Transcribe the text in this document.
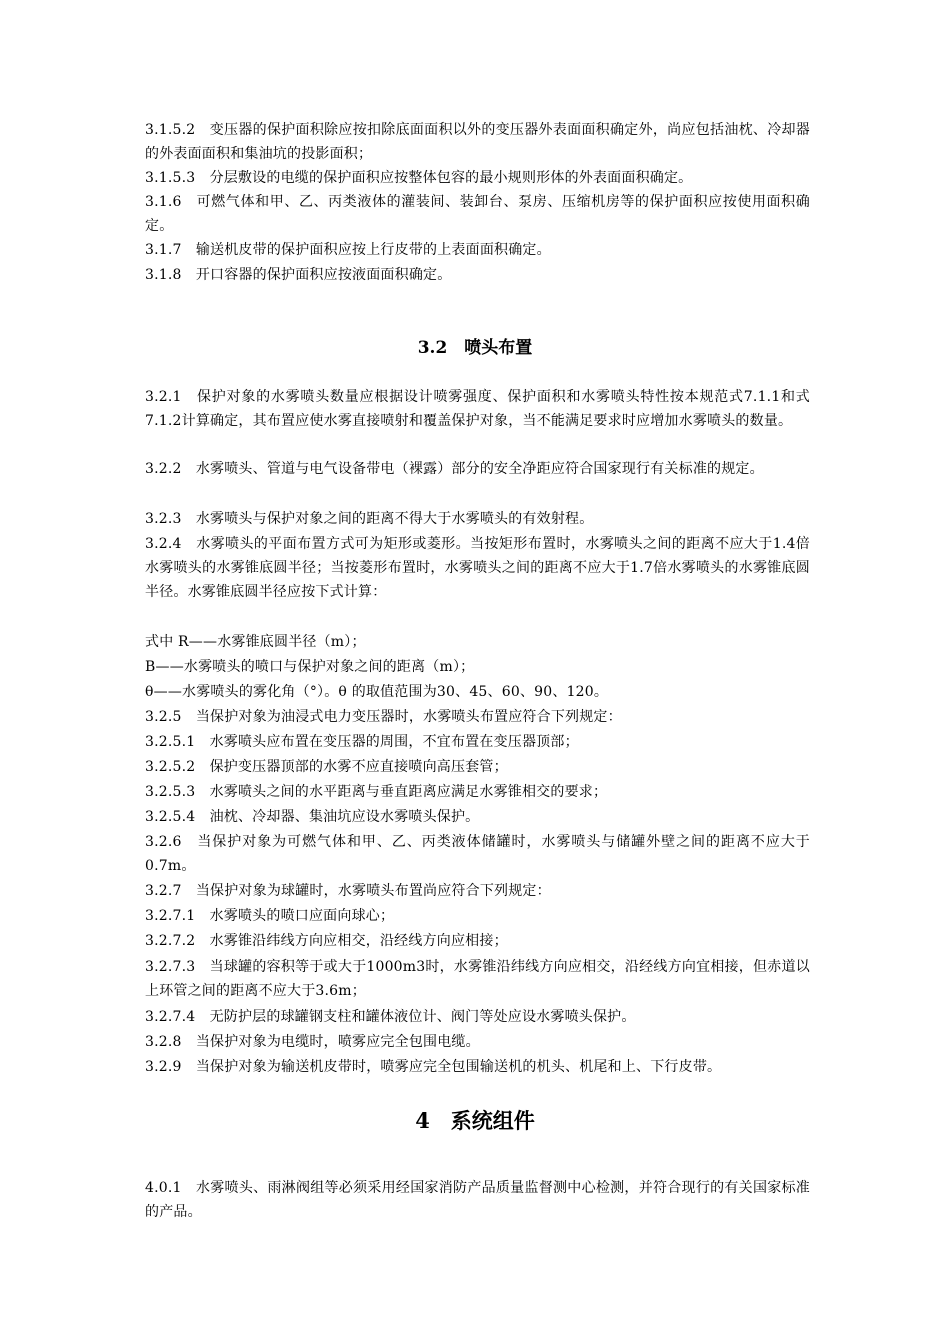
3.1.5.2　变压器的保护面积除应按扣除底面面积以外的变压器外表面面积确定外，尚应包括油枕、冷却器的外表面面积和集油坑的投影面积；

3.1.5.3　分层敷设的电缆的保护面积应按整体包容的最小规则形体的外表面面积确定。

3.1.6　可燃气体和甲、乙、丙类液体的灌装间、装卸台、泵房、压缩机房等的保护面积应按使用面积确定。

3.1.7　输送机皮带的保护面积应按上行皮带的上表面面积确定。

3.1.8　开口容器的保护面积应按液面面积确定。

3.2　喷头布置

3.2.1　保护对象的水雾喷头数量应根据设计喷雾强度、保护面积和水雾喷头特性按本规范式7.1.1和式7.1.2计算确定，其布置应使水雾直接喷射和覆盖保护对象，当不能满足要求时应增加水雾喷头的数量。

3.2.2　水雾喷头、管道与电气设备带电（裸露）部分的安全净距应符合国家现行有关标准的规定。

3.2.3　水雾喷头与保护对象之间的距离不得大于水雾喷头的有效射程。

3.2.4　水雾喷头的平面布置方式可为矩形或菱形。当按矩形布置时，水雾喷头之间的距离不应大于1.4倍水雾喷头的水雾锥底圆半径；当按菱形布置时，水雾喷头之间的距离不应大于1.7倍水雾喷头的水雾锥底圆半径。水雾锥底圆半径应按下式计算：

式中 R——水雾锥底圆半径（m）；

B——水雾喷头的喷口与保护对象之间的距离（m）；

θ——水雾喷头的雾化角（°）。θ 的取值范围为30、45、60、90、120。

3.2.5　当保护对象为油浸式电力变压器时，水雾喷头布置应符合下列规定：

3.2.5.1　水雾喷头应布置在变压器的周围，不宜布置在变压器顶部；

3.2.5.2　保护变压器顶部的水雾不应直接喷向高压套管；

3.2.5.3　水雾喷头之间的水平距离与垂直距离应满足水雾锥相交的要求；

3.2.5.4　油枕、冷却器、集油坑应设水雾喷头保护。

3.2.6　当保护对象为可燃气体和甲、乙、丙类液体储罐时，水雾喷头与储罐外壁之间的距离不应大于0.7m。

3.2.7　当保护对象为球罐时，水雾喷头布置尚应符合下列规定：

3.2.7.1　水雾喷头的喷口应面向球心；

3.2.7.2　水雾锥沿纬线方向应相交，沿经线方向应相接；

3.2.7.3　当球罐的容积等于或大于1000m3时，水雾锥沿纬线方向应相交，沿经线方向宜相接，但赤道以上环管之间的距离不应大于3.6m；

3.2.7.4　无防护层的球罐钢支柱和罐体液位计、阀门等处应设水雾喷头保护。

3.2.8　当保护对象为电缆时，喷雾应完全包围电缆。

3.2.9　当保护对象为输送机皮带时，喷雾应完全包围输送机的机头、机尾和上、下行皮带。

4　系统组件

4.0.1　水雾喷头、雨淋阀组等必须采用经国家消防产品质量监督测中心检测，并符合现行的有关国家标准的产品。
